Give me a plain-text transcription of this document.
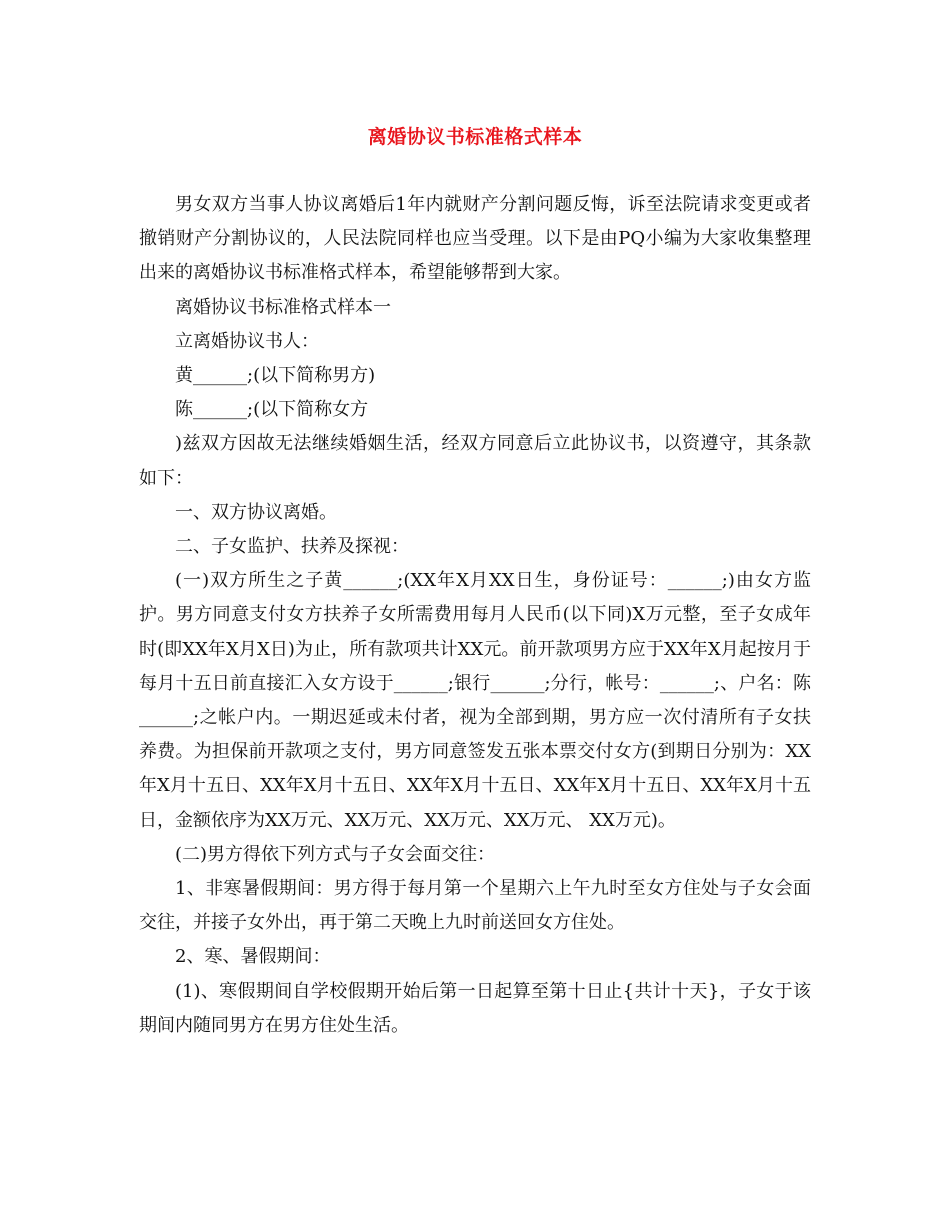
离婚协议书标准格式样本

男女双方当事人协议离婚后1年内就财产分割问题反悔，诉至法院请求变更或者撤销财产分割协议的，人民法院同样也应当受理。以下是由PQ小编为大家收集整理出来的离婚协议书标准格式样本，希望能够帮到大家。

离婚协议书标准格式样本一

立离婚协议书人：

黄______;(以下简称男方)

陈______;(以下简称女方

)兹双方因故无法继续婚姻生活，经双方同意后立此协议书，以资遵守，其条款如下：

一、双方协议离婚。

二、子女监护、扶养及探视：

(一)双方所生之子黄______;(XX年X月XX日生，身份证号：______;)由女方监护。男方同意支付女方扶养子女所需费用每月人民币(以下同)X万元整，至子女成年时(即XX年X月X日)为止，所有款项共计XX元。前开款项男方应于XX年X月起按月于每月十五日前直接汇入女方设于______;银行______;分行，帐号：______;、户名：陈______;之帐户内。一期迟延或未付者，视为全部到期，男方应一次付清所有子女扶养费。为担保前开款项之支付，男方同意签发五张本票交付女方(到期日分别为：XX年X月十五日、XX年X月十五日、XX年X月十五日、XX年X月十五日、XX年X月十五日，金额依序为XX万元、XX万元、XX万元、XX万元、 XX万元)。

(二)男方得依下列方式与子女会面交往：

1、非寒暑假期间：男方得于每月第一个星期六上午九时至女方住处与子女会面交往，并接子女外出，再于第二天晚上九时前送回女方住处。

2、寒、暑假期间：

(1)、寒假期间自学校假期开始后第一日起算至第十日止{共计十天}，子女于该期间内随同男方在男方住处生活。
